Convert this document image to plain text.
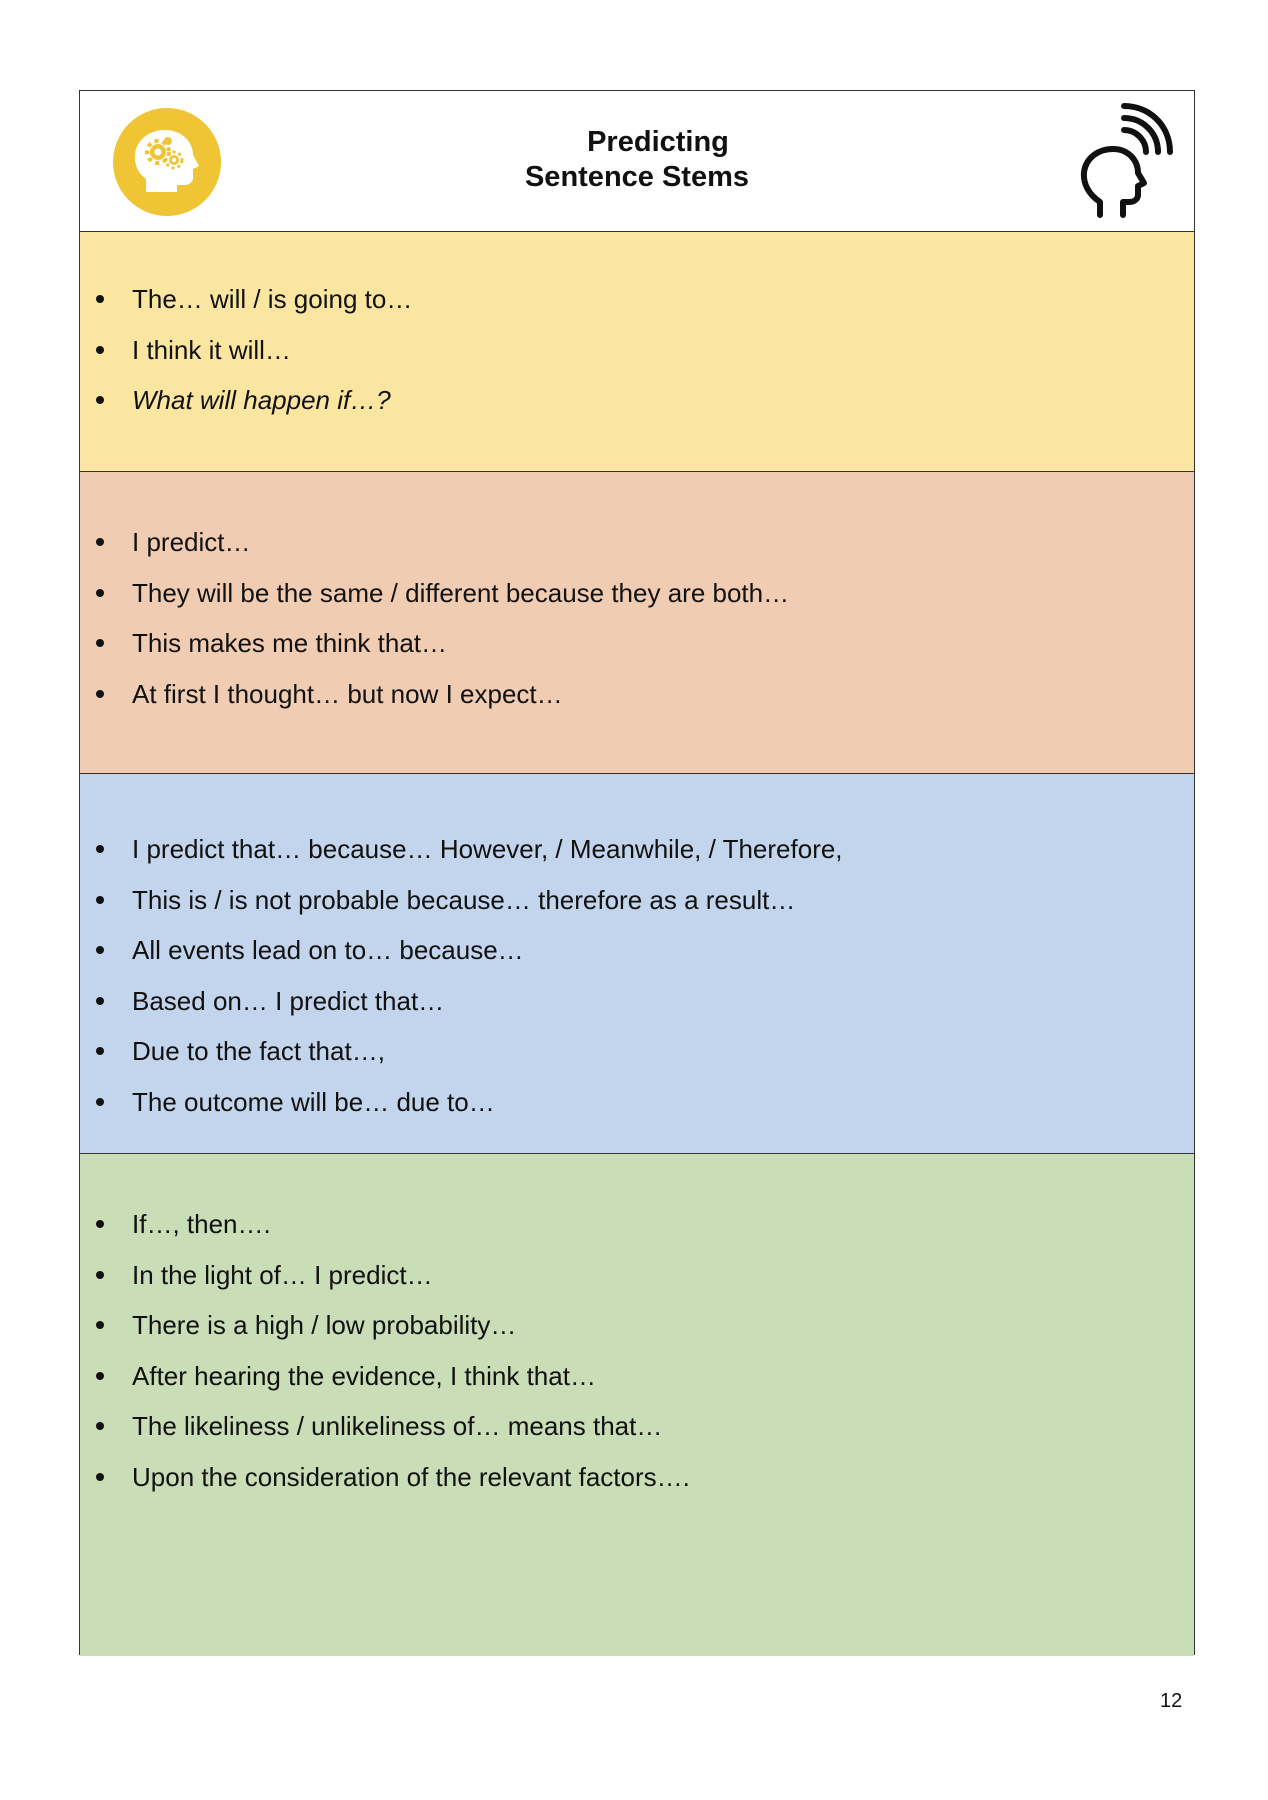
Predicting
Sentence Stems
The… will / is going to…
I think it will…
What will happen if…?
I predict…
They will be the same / different because they are both…
This makes me think that…
At first I thought… but now I expect…
I predict that… because… However, / Meanwhile, / Therefore,
This is / is not probable because… therefore as a result…
All events lead on to… because…
Based on… I predict that…
Due to the fact that…,
The outcome will be… due to…
If…, then….
In the light of… I predict…
There is a high / low probability…
After hearing the evidence, I think that…
The likeliness / unlikeliness of… means that…
Upon the consideration of the relevant factors….
12
